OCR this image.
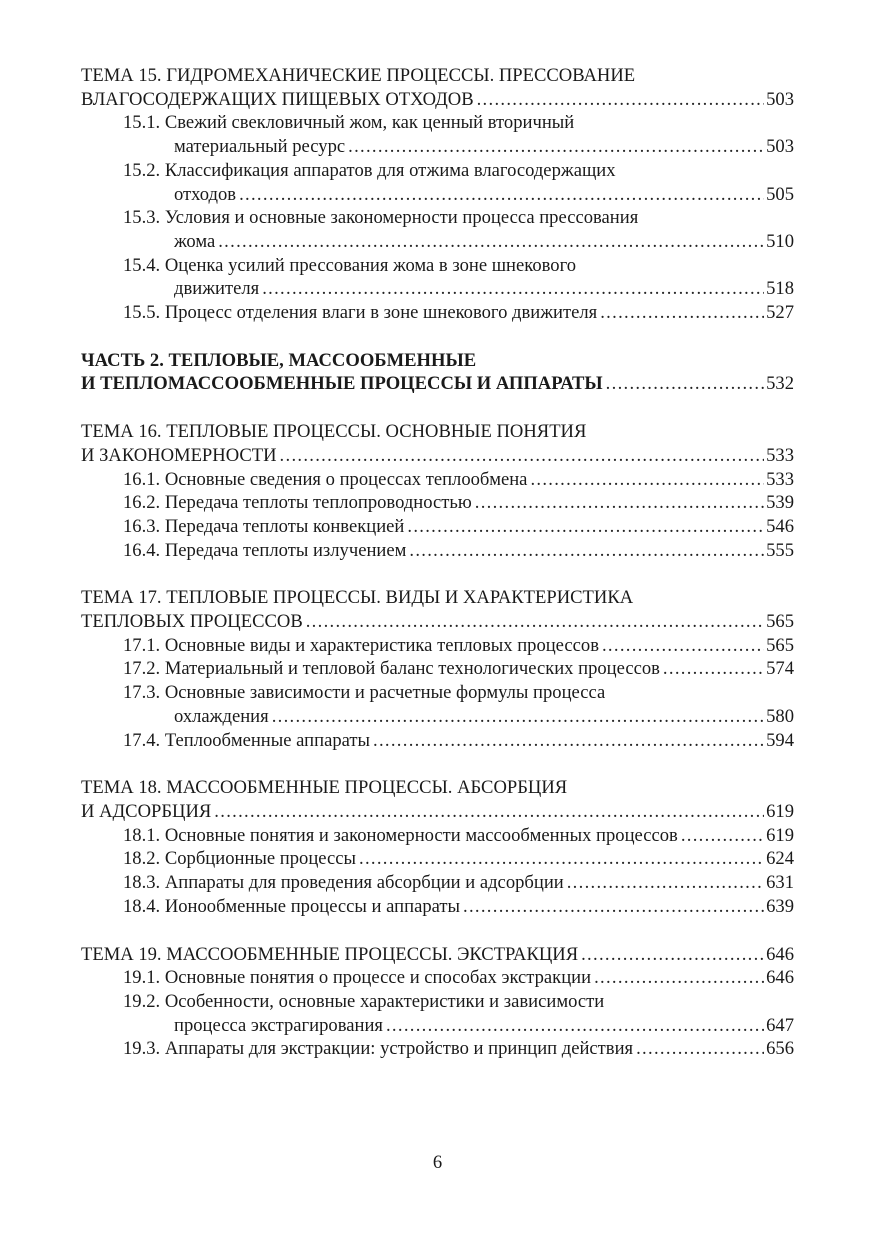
ТЕМА 15. ГИДРОМЕХАНИЧЕСКИЕ ПРОЦЕССЫ. ПРЕССОВАНИЕ
ВЛАГОСОДЕРЖАЩИХ ПИЩЕВЫХ ОТХОДОВ .....	503
15.1. Свежий свекловичный жом, как ценный вторичный
материальный ресурс .....	503
15.2. Классификация аппаратов для отжима влагосодержащих
отходов .....	505
15.3. Условия и основные закономерности процесса прессования
жома .....	510
15.4. Оценка усилий прессования жома в зоне шнекового
движителя .....	518
15.5. Процесс отделения влаги в зоне шнекового движителя .....	527
ЧАСТЬ 2. ТЕПЛОВЫЕ, МАССООБМЕННЫЕ
И ТЕПЛОМАССООБМЕННЫЕ ПРОЦЕССЫ И АППАРАТЫ .....	532
ТЕМА 16. ТЕПЛОВЫЕ ПРОЦЕССЫ. ОСНОВНЫЕ ПОНЯТИЯ
И ЗАКОНОМЕРНОСТИ .....	533
16.1. Основные сведения о процессах теплообмена .....	533
16.2. Передача теплоты теплопроводностью .....	539
16.3. Передача теплоты конвекцией .....	546
16.4. Передача теплоты излучением .....	555
ТЕМА 17. ТЕПЛОВЫЕ ПРОЦЕССЫ. ВИДЫ И ХАРАКТЕРИСТИКА
ТЕПЛОВЫХ ПРОЦЕССОВ .....	565
17.1. Основные виды и характеристика тепловых процессов .....	565
17.2. Материальный и тепловой баланс технологических процессов .....	574
17.3. Основные зависимости и расчетные формулы процесса
охлаждения .....	580
17.4. Теплообменные аппараты .....	594
ТЕМА 18. МАССООБМЕННЫЕ ПРОЦЕССЫ. АБСОРБЦИЯ
И АДСОРБЦИЯ .....	619
18.1. Основные понятия и закономерности массообменных процессов .....	619
18.2. Сорбционные процессы .....	624
18.3. Аппараты для проведения абсорбции и адсорбции .....	631
18.4. Ионообменные процессы и аппараты .....	639
ТЕМА 19. МАССООБМЕННЫЕ ПРОЦЕССЫ. ЭКСТРАКЦИЯ .....	646
19.1. Основные понятия о процессе и способах экстракции .....	646
19.2. Особенности, основные характеристики и зависимости
процесса экстрагирования .....	647
19.3. Аппараты для экстракции: устройство и принцип действия .....	656
6
